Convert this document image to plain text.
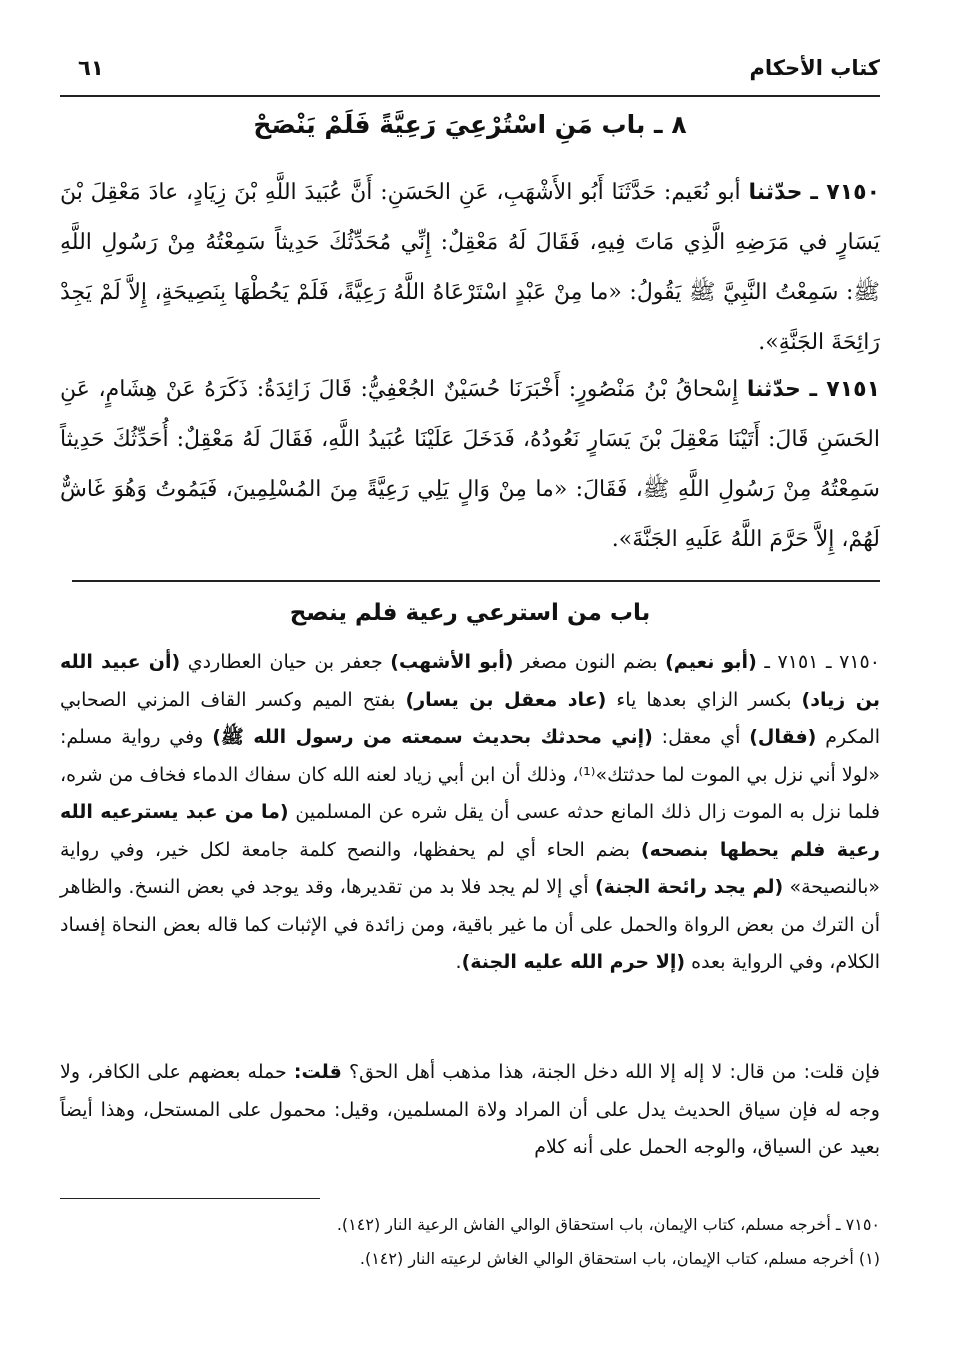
كتاب الأحكام
٦١
٨ ـ باب مَنِ اسْتُرْعِيَ رَعِيَّةً فَلَمْ يَنْصَحْ
٧١٥٠ ـ حدّثنا أبو نُعَيم: حَدَّثَنَا أَبُو الأَشْهَبِ، عَنِ الحَسَنِ: أَنَّ عُبَيدَ اللَّهِ بْنَ زِيَادٍ، عادَ مَعْقِلَ بْنَ يَسَارٍ في مَرَضِهِ الَّذِي مَاتَ فِيهِ، فَقَالَ لَهُ مَعْقِلٌ: إِنِّي مُحَدِّثُكَ حَدِيثاً سَمِعْتُهُ مِنْ رَسُولِ اللَّهِ ﷺ: سَمِعْتُ النَّبِيَّ ﷺ يَقُولُ: «ما مِنْ عَبْدٍ اسْتَرْعَاهُ اللَّهُ رَعِيَّةً، فَلَمْ يَحُطْهَا بِنَصِيحَةٍ، إِلاَّ لَمْ يَجِدْ رَائِحَةَ الجَنَّةِ».
٧١٥١ ـ حدّثنا إِسْحاقُ بْنُ مَنْصُورٍ: أَخْبَرَنَا حُسَيْنٌ الجُعْفِيُّ: قَالَ زَائِدَةُ: ذَكَرَهُ عَنْ هِشَامٍ، عَنِ الحَسَنِ قَالَ: أَتَيْنَا مَعْقِلَ بْنَ يَسَارٍ نَعُودُهُ، فَدَخَلَ عَلَيْنَا عُبَيدُ اللَّهِ، فَقَالَ لَهُ مَعْقِلٌ: أُحَدِّثُكَ حَدِيثاً سَمِعْتُهُ مِنْ رَسُولِ اللَّهِ ﷺ، فَقَالَ: «ما مِنْ وَالٍ يَلِي رَعِيَّةً مِنَ المُسْلِمِينَ، فَيَمُوتُ وَهُوَ غَاشٌّ لَهُمْ، إِلاَّ حَرَّمَ اللَّهُ عَلَيهِ الجَنَّةَ».
باب من استرعي رعية فلم ينصح

٧١٥٠ ـ ٧١٥١ ـ (أبو نعيم) بضم النون مصغر (أبو الأشهب) جعفر بن حيان العطاردي (أن عبيد الله بن زياد) بكسر الزاي بعدها ياء (عاد معقل بن يسار) بفتح الميم وكسر القاف المزني الصحابي المكرم (فقال) أي معقل: (إني محدثك بحديث سمعته من رسول الله ﷺ) وفي رواية مسلم: «لولا أني نزل بي الموت لما حدثتك»⁽¹⁾، وذلك أن ابن أبي زياد لعنه الله كان سفاك الدماء فخاف من شره، فلما نزل به الموت زال ذلك المانع حدثه عسى أن يقل شره عن المسلمين (ما من عبد يسترعيه الله رعية فلم يحطها بنصحه) بضم الحاء أي لم يحفظها، والنصح كلمة جامعة لكل خير، وفي رواية «بالنصيحة» (لم يجد رائحة الجنة) أي إلا لم يجد فلا بد من تقديرها، وقد يوجد في بعض النسخ. والظاهر أن الترك من بعض الرواة والحمل على أن ما غير باقية، ومن زائدة في الإثبات كما قاله بعض النحاة إفساد الكلام، وفي الرواية بعده (إلا حرم الله عليه الجنة).

فإن قلت: من قال: لا إله إلا الله دخل الجنة، هذا مذهب أهل الحق؟ قلت: حمله بعضهم على الكافر، ولا وجه له فإن سياق الحديث يدل على أن المراد ولاة المسلمين، وقيل: محمول على المستحل، وهذا أيضاً بعيد عن السياق، والوجه الحمل على أنه كلام

٧١٥٠ ـ أخرجه مسلم، كتاب الإيمان، باب استحقاق الوالي الفاش الرعية النار (١٤٢).

(١) أخرجه مسلم، كتاب الإيمان، باب استحقاق الوالي الغاش لرعيته النار (١٤٢).
